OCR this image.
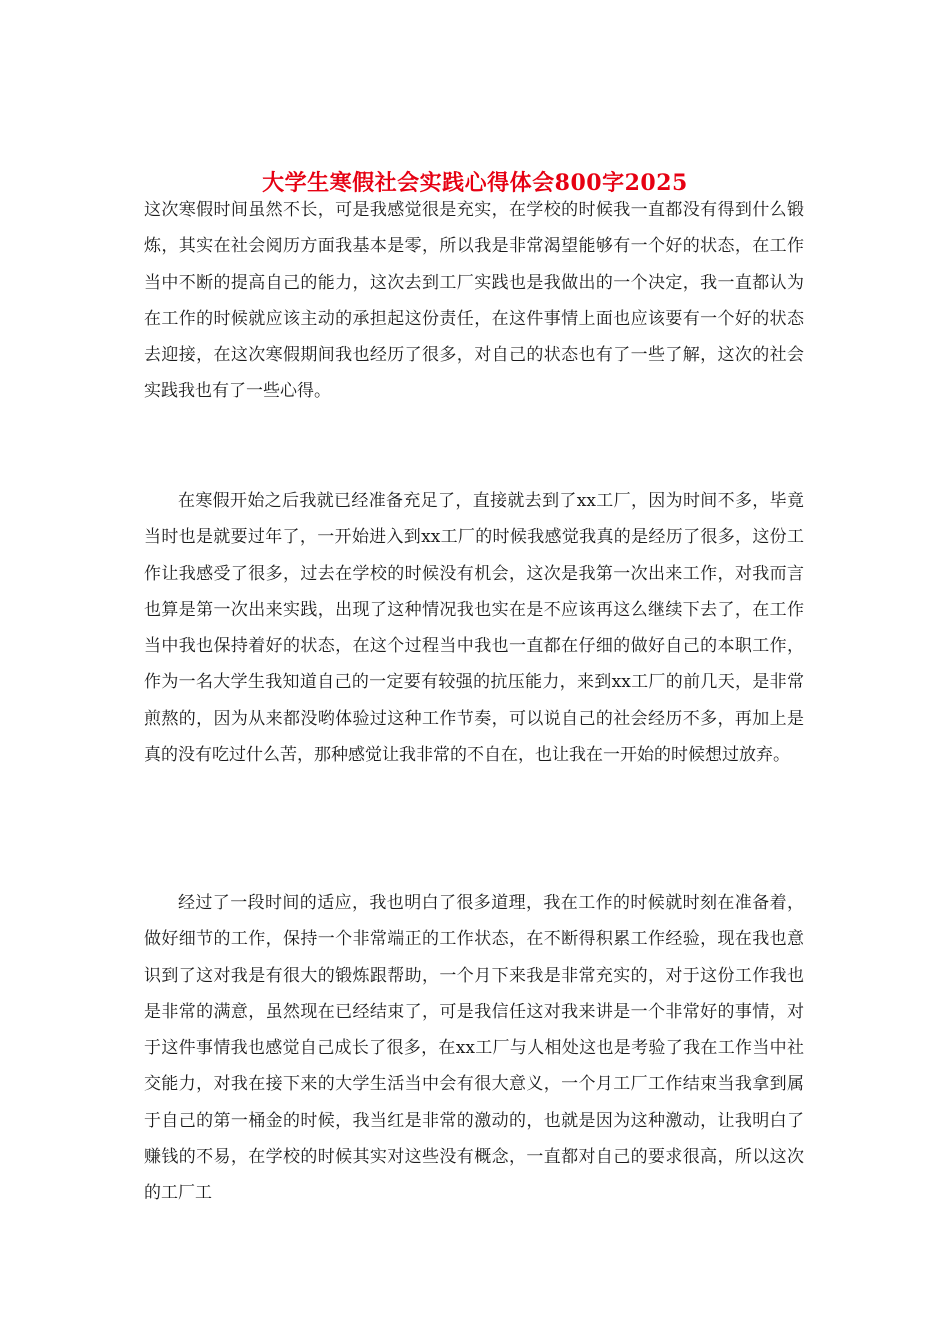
大学生寒假社会实践心得体会800字2025

这次寒假时间虽然不长，可是我感觉很是充实，在学校的时候我一直都没有得到什么锻炼，其实在社会阅历方面我基本是零，所以我是非常渴望能够有一个好的状态，在工作当中不断的提高自己的能力，这次去到工厂实践也是我做出的一个决定，我一直都认为在工作的时候就应该主动的承担起这份责任，在这件事情上面也应该要有一个好的状态去迎接，在这次寒假期间我也经历了很多，对自己的状态也有了一些了解，这次的社会实践我也有了一些心得。

在寒假开始之后我就已经准备充足了，直接就去到了xx工厂，因为时间不多，毕竟当时也是就要过年了，一开始进入到xx工厂的时候我感觉我真的是经历了很多，这份工作让我感受了很多，过去在学校的时候没有机会，这次是我第一次出来工作，对我而言也算是第一次出来实践，出现了这种情况我也实在是不应该再这么继续下去了，在工作当中我也保持着好的状态，在这个过程当中我也一直都在仔细的做好自己的本职工作，作为一名大学生我知道自己的一定要有较强的抗压能力，来到xx工厂的前几天，是非常煎熬的，因为从来都没哟体验过这种工作节奏，可以说自己的社会经历不多，再加上是真的没有吃过什么苦，那种感觉让我非常的不自在，也让我在一开始的时候想过放弃。

经过了一段时间的适应，我也明白了很多道理，我在工作的时候就时刻在准备着，做好细节的工作，保持一个非常端正的工作状态，在不断得积累工作经验，现在我也意识到了这对我是有很大的锻炼跟帮助，一个月下来我是非常充实的，对于这份工作我也是非常的满意，虽然现在已经结束了，可是我信任这对我来讲是一个非常好的事情，对于这件事情我也感觉自己成长了很多，在xx工厂与人相处这也是考验了我在工作当中社交能力，对我在接下来的大学生活当中会有很大意义，一个月工厂工作结束当我拿到属于自己的第一桶金的时候，我当红是非常的激动的，也就是因为这种激动，让我明白了赚钱的不易，在学校的时候其实对这些没有概念，一直都对自己的要求很高，所以这次的工厂工
